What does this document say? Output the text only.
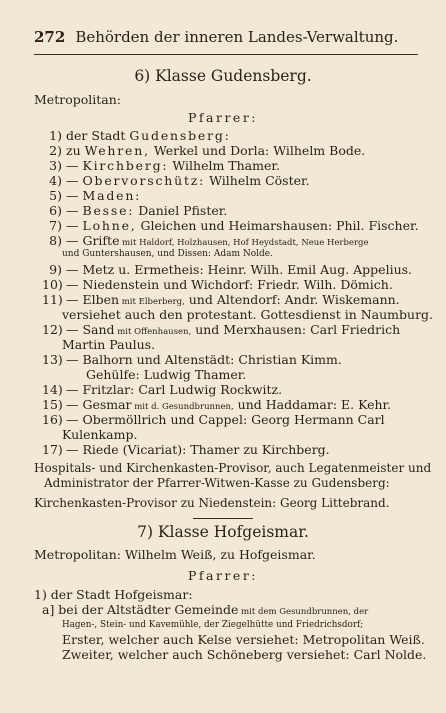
272 Behörden der inneren Landes-Verwaltung.
6) Klasse Gudensberg.
Metropolitan:
Pfarrer:
1) der Stadt Gudensberg:
2) zu Wehren, Werkel und Dorla: Wilhelm Bode.
3) — Kirchberg: Wilhelm Thamer.
4) — Obervorschütz: Wilhelm Cöster.
5) — Maden:
6) — Besse: Daniel Pfister.
7) — Lohne, Gleichen und Heimarshausen: Phil. Fischer.
8) — Grifte mit Haldorf, Holzhausen, Hof Heydstadt, Neue Herberge
und Guntershausen, und Dissen: Adam Nolde.
9) — Metz u. Ermetheis: Heinr. Wilh. Emil Aug. Appelius.
10) — Niedenstein und Wichdorf: Friedr. Wilh. Dömich.
11) — Elben mit Elberberg, und Altendorf: Andr. Wiskemann.
versiehet auch den protestant. Gottesdienst in Naumburg.
12) — Sand mit Offenhausen, und Merxhausen: Carl Friedrich
Martin Paulus.
13) — Balhorn und Altenstädt: Christian Kimm.
Gehülfe: Ludwig Thamer.
14) — Fritzlar: Carl Ludwig Rockwitz.
15) — Gesmar mit d. Gesundbrunnen, und Haddamar: E. Kehr.
16) — Obermöllrich und Cappel: Georg Hermann Carl
Kulenkamp.
17) — Riede (Vicariat): Thamer zu Kirchberg.
Hospitals- und Kirchenkasten-Provisor, auch Legatenmeister und
Administrator der Pfarrer-Witwen-Kasse zu Gudensberg:
Kirchenkasten-Provisor zu Niedenstein: Georg Littebrand.
7) Klasse Hofgeismar.
Metropolitan: Wilhelm Weiß, zu Hofgeismar.
Pfarrer:
1) der Stadt Hofgeismar:
a] bei der Altstädter Gemeinde mit dem Gesundbrunnen, der
Hagen-, Stein- und Kavemühle, der Ziegelhütte und Friedrichsdorf;
Erster, welcher auch Kelse versiehet: Metropolitan Weiß.
Zweiter, welcher auch Schöneberg versiehet: Carl Nolde.
